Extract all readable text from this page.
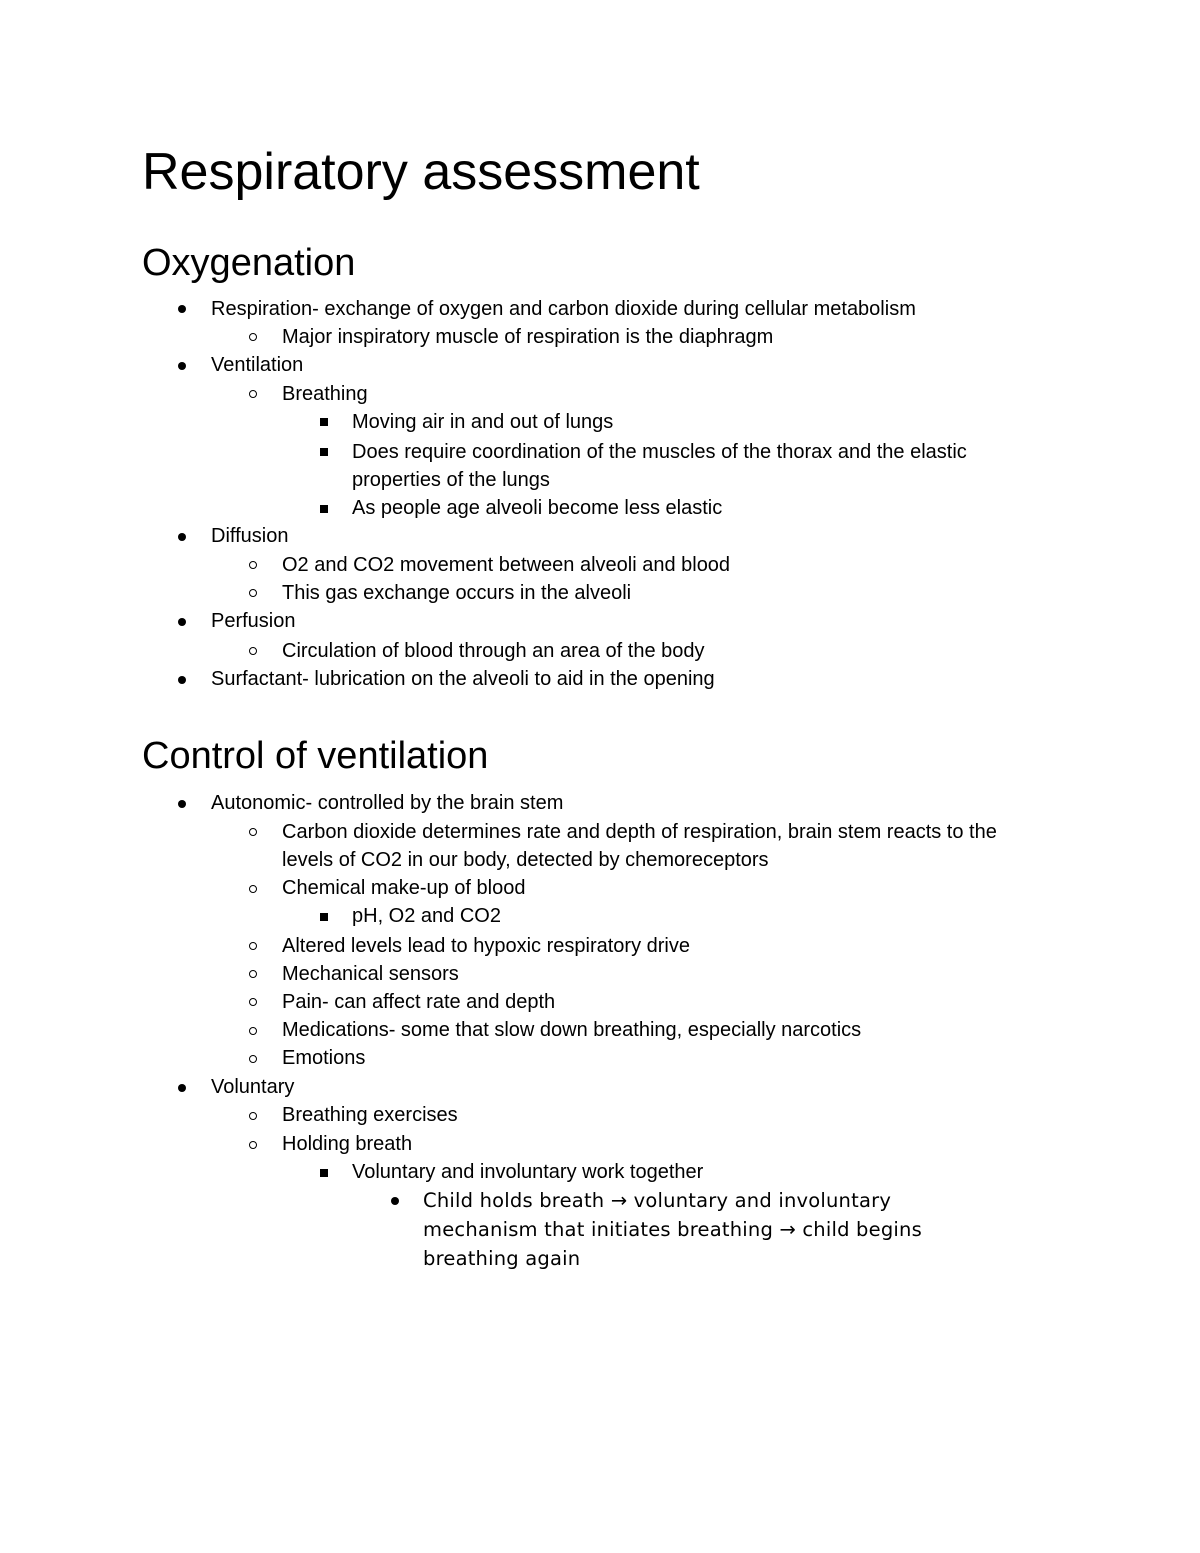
Respiratory assessment
Oxygenation
Respiration- exchange of oxygen and carbon dioxide during cellular metabolism
Major inspiratory muscle of respiration is the diaphragm
Ventilation
Breathing
Moving air in and out of lungs
Does require coordination of the muscles of the thorax and the elastic
properties of the lungs
As people age alveoli become less elastic
Diffusion
O2 and CO2 movement between alveoli and blood
This gas exchange occurs in the alveoli
Perfusion
Circulation of blood through an area of the body
Surfactant- lubrication on the alveoli to aid in the opening
Control of ventilation
Autonomic- controlled by the brain stem
Carbon dioxide determines rate and depth of respiration, brain stem reacts to the
levels of CO2 in our body, detected by chemoreceptors
Chemical make-up of blood
pH, O2 and CO2
Altered levels lead to hypoxic respiratory drive
Mechanical sensors
Pain- can affect rate and depth
Medications- some that slow down breathing, especially narcotics
Emotions
Voluntary
Breathing exercises
Holding breath
Voluntary and involuntary work together
Child holds breath → voluntary and involuntary
mechanism that initiates breathing → child begins
breathing again
